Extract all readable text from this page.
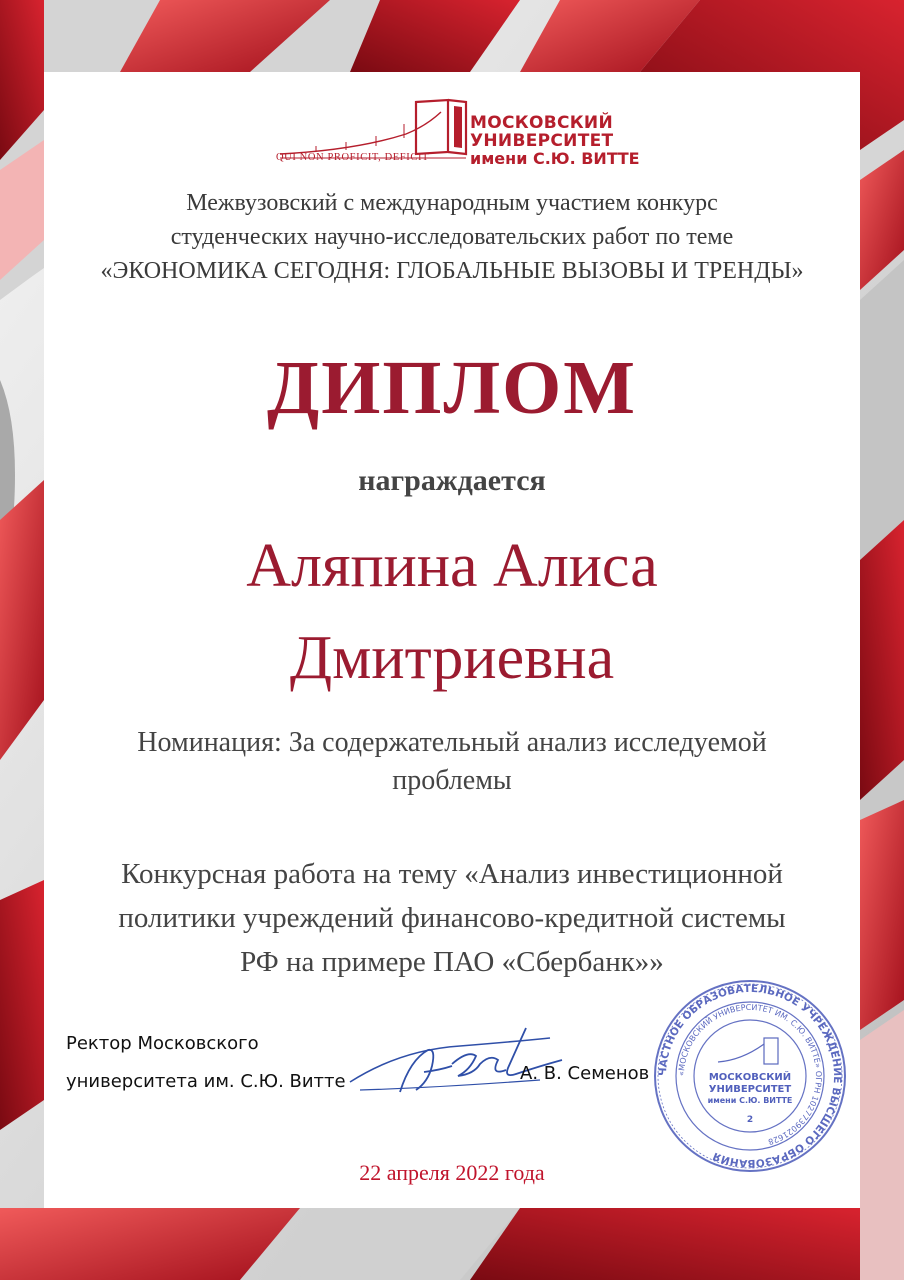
МОСКОВСКИЙ
УНИВЕРСИТЕТ
имени С.Ю. ВИТТЕ
QUI NON PROFICIT, DEFICIT
Межвузовский с международным участием конкурс
студенческих научно-исследовательских работ по теме
«ЭКОНОМИКА СЕГОДНЯ: ГЛОБАЛЬНЫЕ ВЫЗОВЫ И ТРЕНДЫ»
ДИПЛОМ
награждается
Аляпина Алиса
Дмитриевна
Номинация: За содержательный анализ исследуемой
проблемы
Конкурсная работа на тему «Анализ инвестиционной
политики учреждений финансово-кредитной системы
РФ на примере ПАО «Сбербанк»»
Ректор Московского
университета им. С.Ю. Витте	А. В. Семенов ЧАСТНОЕ ОБРАЗОВАТЕЛЬНОЕ УЧРЕЖДЕНИЕ ВЫСШЕГО ОБРАЗОВАНИЯ
«МОСКОВСКИЙ УНИВЕРСИТЕТ ИМ. С.Ю. ВИТТЕ» ОГРН 1027739021628
МОСКОВСКИЙ
УНИВЕРСИТЕТ
имени С.Ю. ВИТТЕ
2
22 апреля 2022 года
